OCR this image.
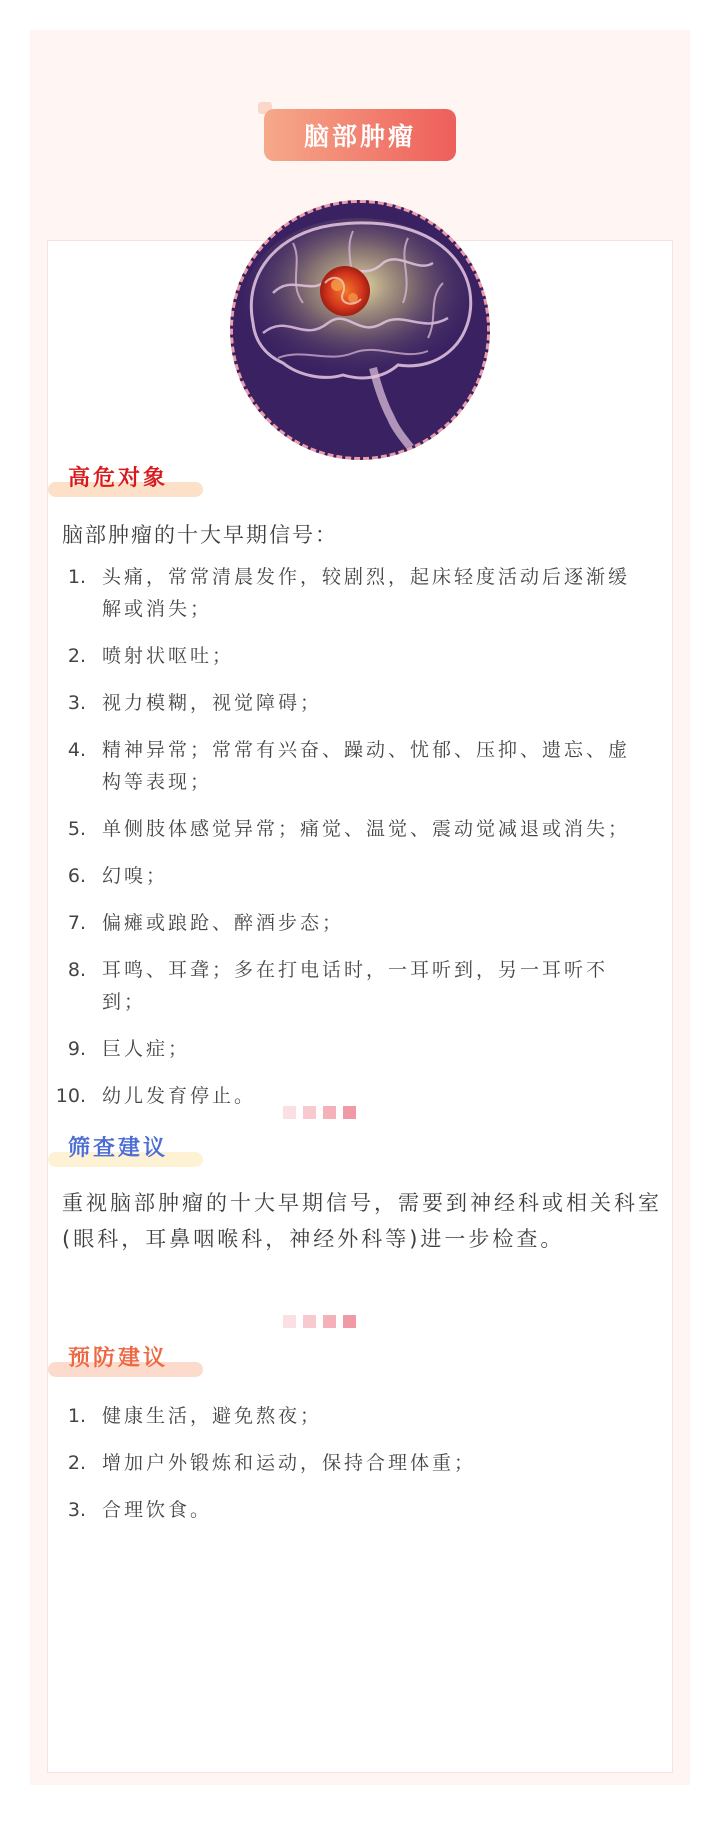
脑部肿瘤
高危对象
脑部肿瘤的十大早期信号：
1. 头痛，常常清晨发作，较剧烈，起床轻度活动后逐渐缓解或消失；
2. 喷射状呕吐；
3. 视力模糊，视觉障碍；
4. 精神异常；常常有兴奋、躁动、忧郁、压抑、遗忘、虚构等表现；
5. 单侧肢体感觉异常；痛觉、温觉、震动觉减退或消失；
6. 幻嗅；
7. 偏瘫或踉跄、醉酒步态；
8. 耳鸣、耳聋；多在打电话时，一耳听到，另一耳听不到；
9. 巨人症；
10. 幼儿发育停止。
筛查建议
重视脑部肿瘤的十大早期信号，需要到神经科或相关科室(眼科，耳鼻咽喉科，神经外科等)进一步检查。
预防建议
1. 健康生活，避免熬夜；
2. 增加户外锻炼和运动，保持合理体重；
3. 合理饮食。
